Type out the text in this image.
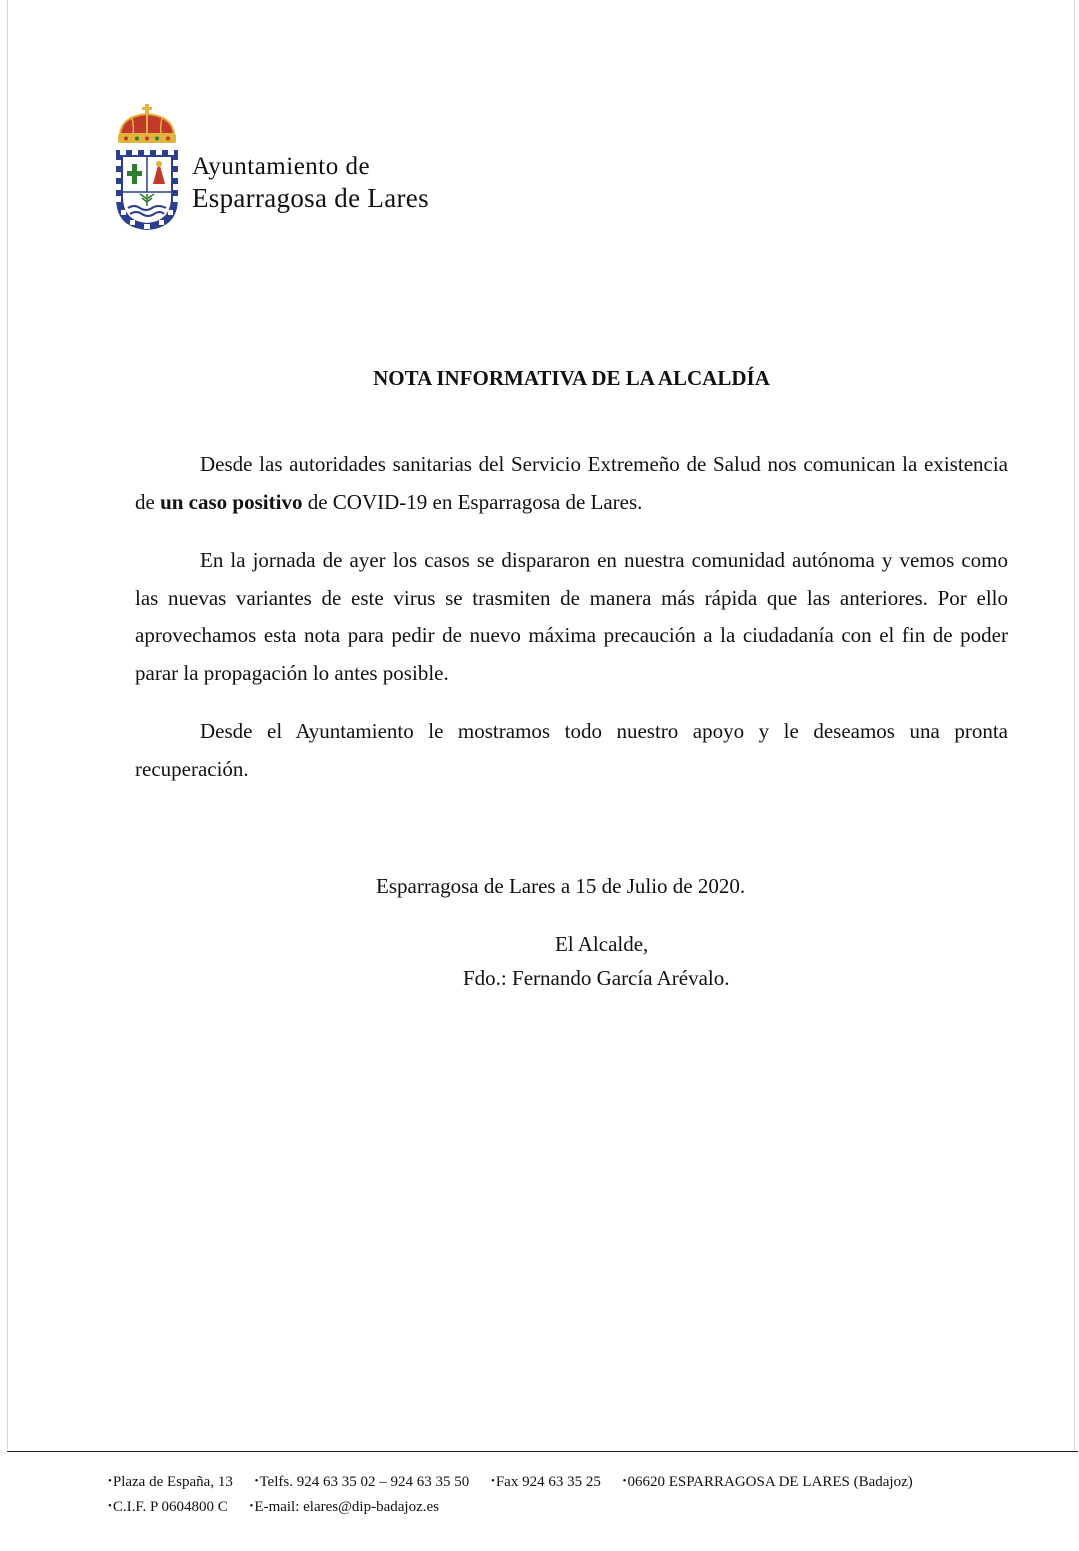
Ayuntamiento de
Esparragosa de Lares
NOTA INFORMATIVA DE LA ALCALDÍA

Desde las autoridades sanitarias del Servicio Extremeño de Salud nos comunican la existencia de un caso positivo de COVID-19 en Esparragosa de Lares.

En la jornada de ayer los casos se dispararon en nuestra comunidad autónoma y vemos como las nuevas variantes de este virus se trasmiten de manera más rápida que las anteriores. Por ello aprovechamos esta nota para pedir de nuevo máxima precaución a la ciudadanía con el fin de poder parar la propagación lo antes posible.

Desde el Ayuntamiento le mostramos todo nuestro apoyo y le deseamos una pronta recuperación.

Esparragosa de Lares a 15 de Julio de 2020.
El Alcalde,
Fdo.: Fernando García Arévalo.
•Plaza de España, 13 •Telfs. 924 63 35 02 – 924 63 35 50 •Fax 924 63 35 25 •06620 ESPARRAGOSA DE LARES (Badajoz)
•C.I.F. P 0604800 C •E-mail: elares@dip-badajoz.es
